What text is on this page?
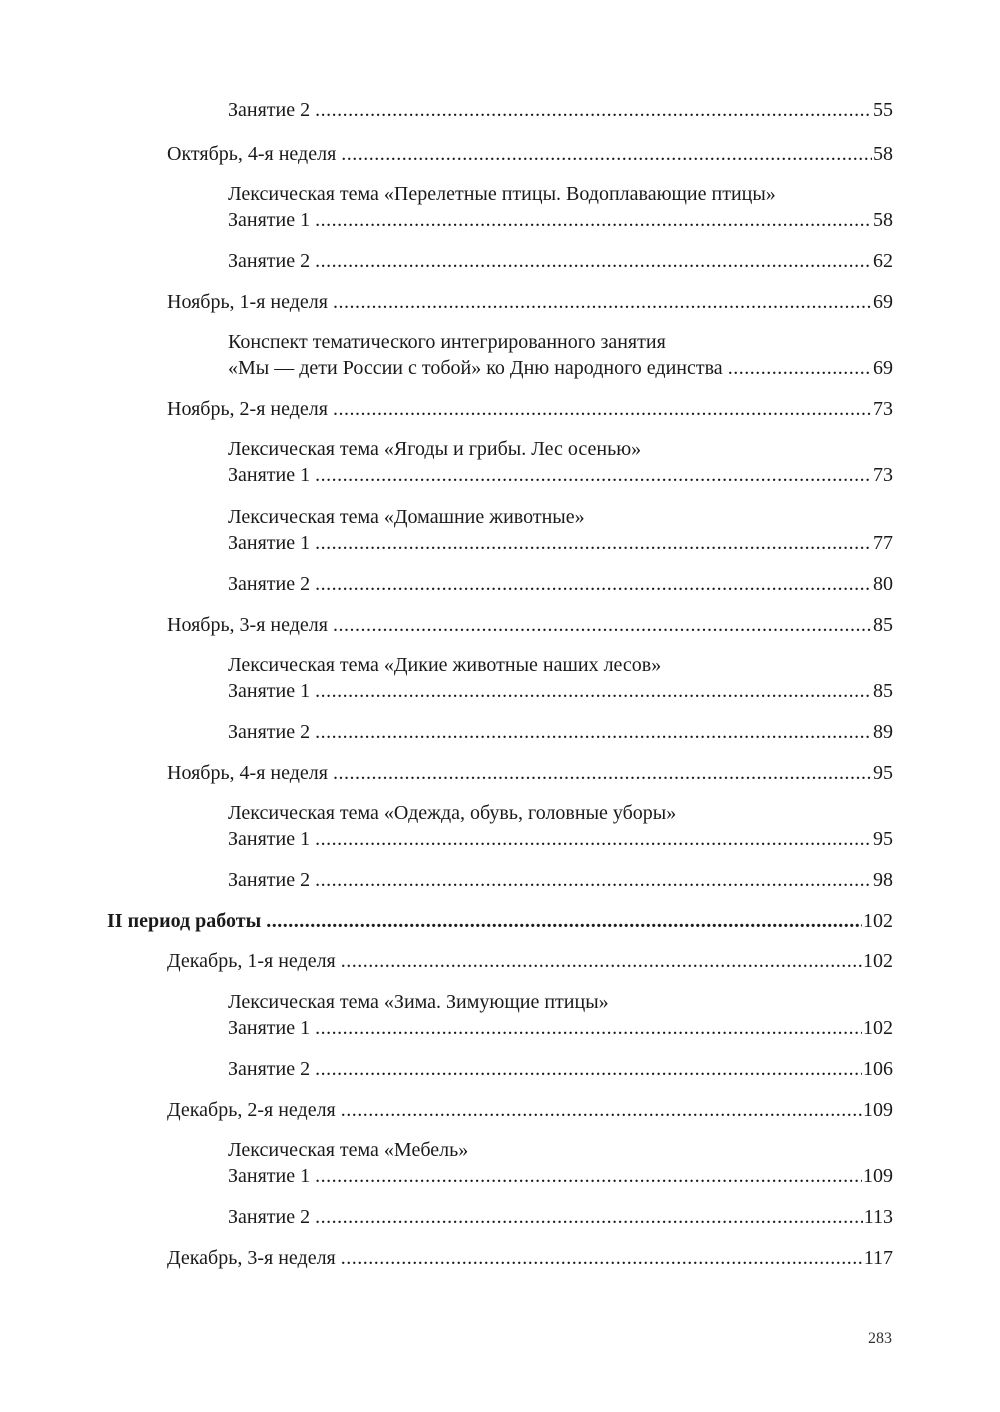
Занятие 2 .....	55
Октябрь, 4-я неделя .....	58
Лексическая тема «Перелетные птицы. Водоплавающие птицы»
Занятие 1 .....	58
Занятие 2 .....	62
Ноябрь, 1-я неделя .....	69
Конспект тематического интегрированного занятия
«Мы — дети России с тобой» ко Дню народного единства .....	69
Ноябрь, 2-я неделя .....	73
Лексическая тема «Ягоды и грибы. Лес осенью»
Занятие 1 .....	73
Лексическая тема «Домашние животные»
Занятие 1 .....	77
Занятие 2 .....	80
Ноябрь, 3-я неделя .....	85
Лексическая тема «Дикие животные наших лесов»
Занятие 1 .....	85
Занятие 2 .....	89
Ноябрь, 4-я неделя .....	95
Лексическая тема «Одежда, обувь, головные уборы»
Занятие 1 .....	95
Занятие 2 .....	98
II период работы .....	102
Декабрь, 1-я неделя .....	102
Лексическая тема «Зима. Зимующие птицы»
Занятие 1 .....	102
Занятие 2 .....	106
Декабрь, 2-я неделя .....	109
Лексическая тема «Мебель»
Занятие 1 .....	109
Занятие 2 .....	113
Декабрь, 3-я неделя .....	117
283
